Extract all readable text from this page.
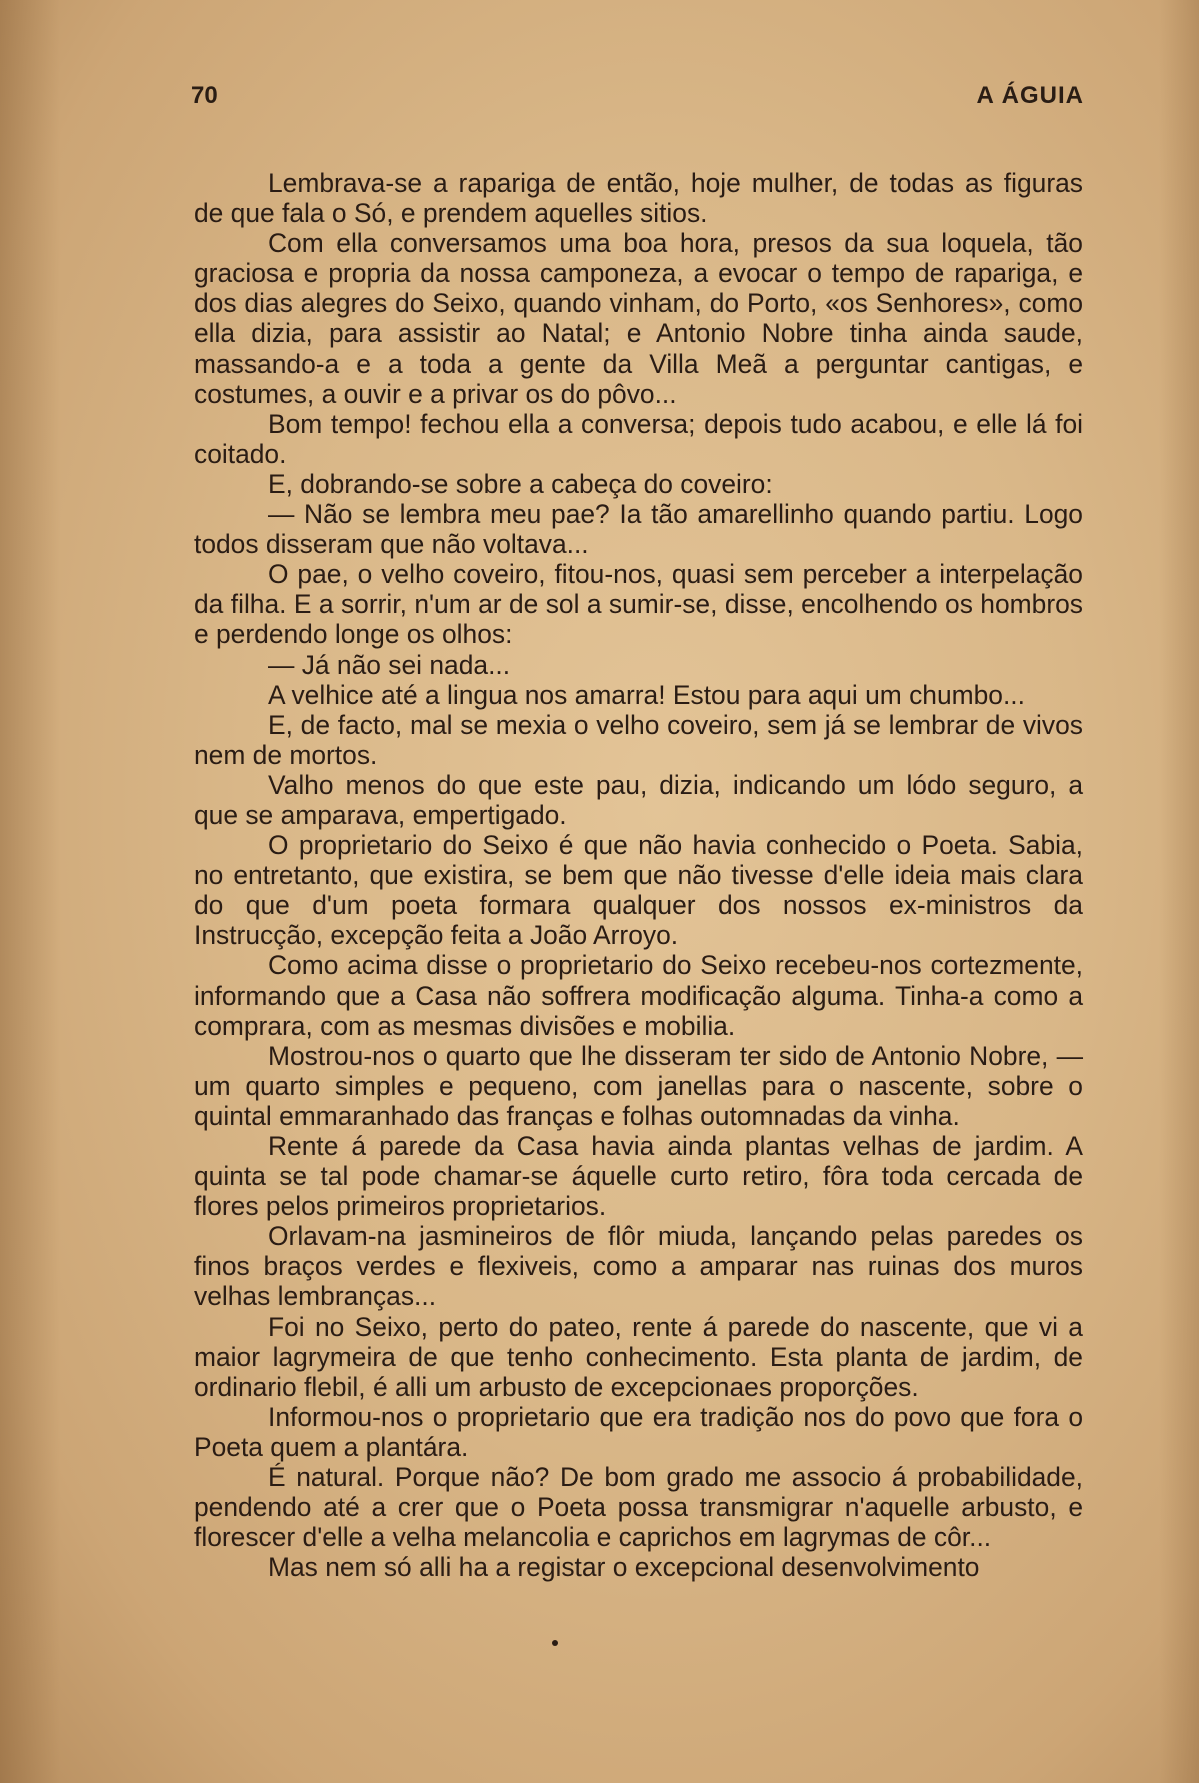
70	A ÁGUIA

Lembrava-se a rapariga de então, hoje mulher, de todas as figuras de que fala o Só, e prendem aquelles sitios.

Com ella conversamos uma boa hora, presos da sua loquela, tão graciosa e propria da nossa camponeza, a evocar o tempo de rapariga, e dos dias alegres do Seixo, quando vinham, do Porto, «os Senhores», como ella dizia, para assistir ao Natal; e Antonio Nobre tinha ainda saude, massando-a e a toda a gente da Villa Meã a perguntar cantigas, e costumes, a ouvir e a privar os do pôvo...

Bom tempo! fechou ella a conversa; depois tudo acabou, e elle lá foi coitado.

E, dobrando-se sobre a cabeça do coveiro:

— Não se lembra meu pae? Ia tão amarellinho quando partiu. Logo todos disseram que não voltava...

O pae, o velho coveiro, fitou-nos, quasi sem perceber a interpelação da filha. E a sorrir, n'um ar de sol a sumir-se, disse, encolhendo os hombros e perdendo longe os olhos:

— Já não sei nada...

A velhice até a lingua nos amarra! Estou para aqui um chumbo...

E, de facto, mal se mexia o velho coveiro, sem já se lembrar de vivos nem de mortos.

Valho menos do que este pau, dizia, indicando um lódo seguro, a que se amparava, empertigado.

O proprietario do Seixo é que não havia conhecido o Poeta. Sabia, no entretanto, que existira, se bem que não tivesse d'elle ideia mais clara do que d'um poeta formara qualquer dos nossos ex-ministros da Instrucção, excepção feita a João Arroyo.

Como acima disse o proprietario do Seixo recebeu-nos cortezmente, informando que a Casa não soffrera modificação alguma. Tinha-a como a comprara, com as mesmas divisões e mobilia.

Mostrou-nos o quarto que lhe disseram ter sido de Antonio Nobre, — um quarto simples e pequeno, com janellas para o nascente, sobre o quintal emmaranhado das franças e folhas outomnadas da vinha.

Rente á parede da Casa havia ainda plantas velhas de jardim. A quinta se tal pode chamar-se áquelle curto retiro, fôra toda cercada de flores pelos primeiros proprietarios.

Orlavam-na jasmineiros de flôr miuda, lançando pelas paredes os finos braços verdes e flexiveis, como a amparar nas ruinas dos muros velhas lembranças...

Foi no Seixo, perto do pateo, rente á parede do nascente, que vi a maior lagrymeira de que tenho conhecimento. Esta planta de jardim, de ordinario flebil, é alli um arbusto de excepcionaes proporções.

Informou-nos o proprietario que era tradição nos do povo que fora o Poeta quem a plantára.

É natural. Porque não? De bom grado me associo á probabilidade, pendendo até a crer que o Poeta possa transmigrar n'aquelle arbusto, e florescer d'elle a velha melancolia e caprichos em lagrymas de côr...

Mas nem só alli ha a registar o excepcional desenvolvimento
